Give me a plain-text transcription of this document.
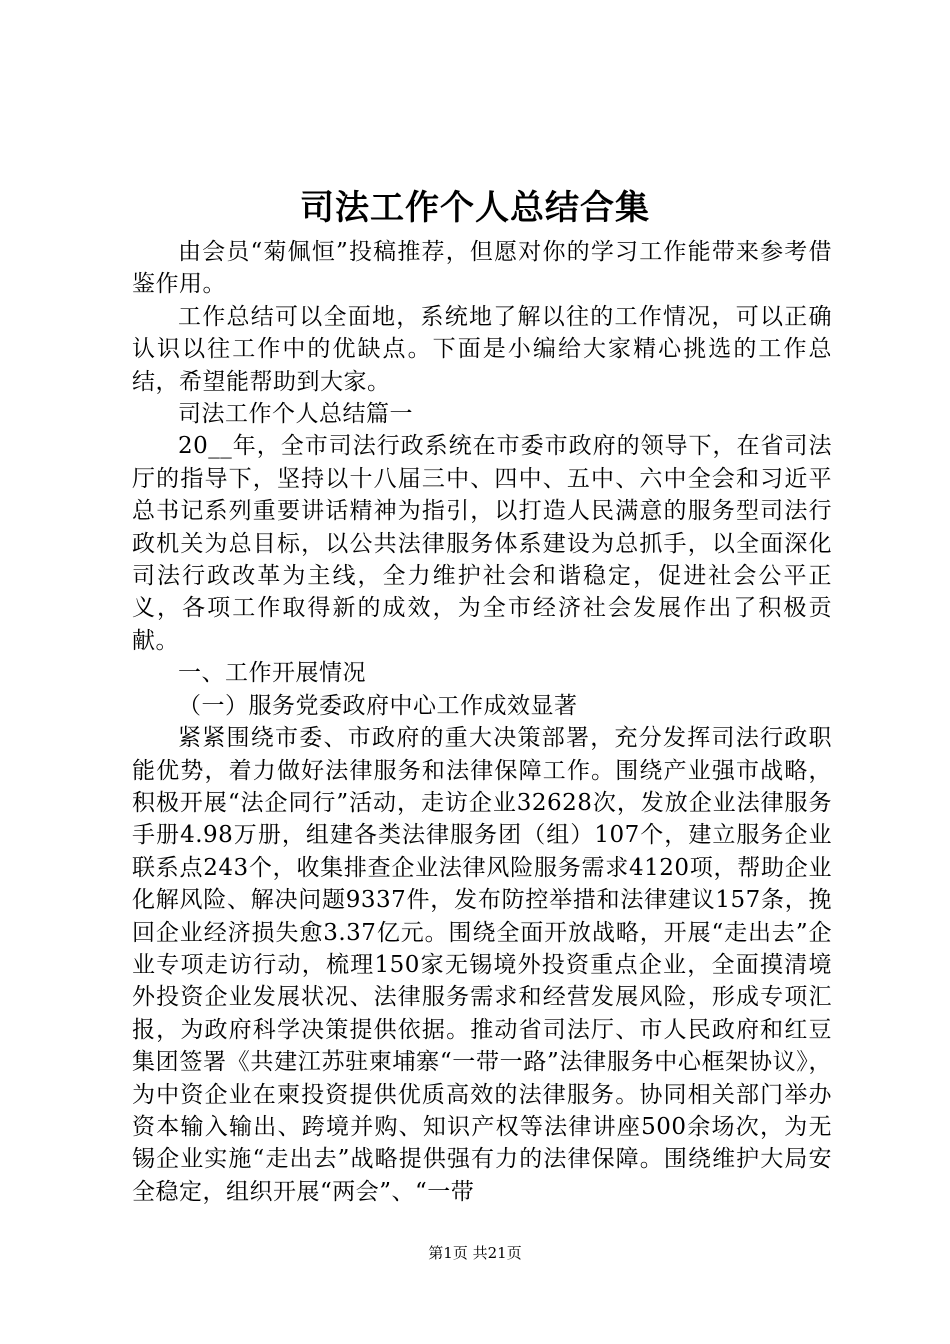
司法工作个人总结合集

由会员“菊佩恒”投稿推荐，但愿对你的学习工作能带来参考借鉴作用。

工作总结可以全面地，系统地了解以往的工作情况，可以正确认识以往工作中的优缺点。下面是小编给大家精心挑选的工作总结，希望能帮助到大家。

司法工作个人总结篇一

20__年，全市司法行政系统在市委市政府的领导下，在省司法厅的指导下，坚持以十八届三中、四中、五中、六中全会和习近平总书记系列重要讲话精神为指引，以打造人民满意的服务型司法行政机关为总目标，以公共法律服务体系建设为总抓手，以全面深化司法行政改革为主线，全力维护社会和谐稳定，促进社会公平正义，各项工作取得新的成效，为全市经济社会发展作出了积极贡献。

一、工作开展情况

（一）服务党委政府中心工作成效显著

紧紧围绕市委、市政府的重大决策部署，充分发挥司法行政职能优势，着力做好法律服务和法律保障工作。围绕产业强市战略，积极开展“法企同行”活动，走访企业32628次，发放企业法律服务手册4.98万册，组建各类法律服务团（组）107个，建立服务企业联系点243个，收集排查企业法律风险服务需求4120项，帮助企业化解风险、解决问题9337件，发布防控举措和法律建议157条，挽回企业经济损失愈3.37亿元。围绕全面开放战略，开展“走出去”企业专项走访行动，梳理150家无锡境外投资重点企业，全面摸清境外投资企业发展状况、法律服务需求和经营发展风险，形成专项汇报，为政府科学决策提供依据。推动省司法厅、市人民政府和红豆集团签署《共建江苏驻柬埔寨“一带一路”法律服务中心框架协议》，为中资企业在柬投资提供优质高效的法律服务。协同相关部门举办资本输入输出、跨境并购、知识产权等法律讲座500余场次，为无锡企业实施“走出去”战略提供强有力的法律保障。围绕维护大局安全稳定，组织开展“两会”、“一带

第1页 共21页
